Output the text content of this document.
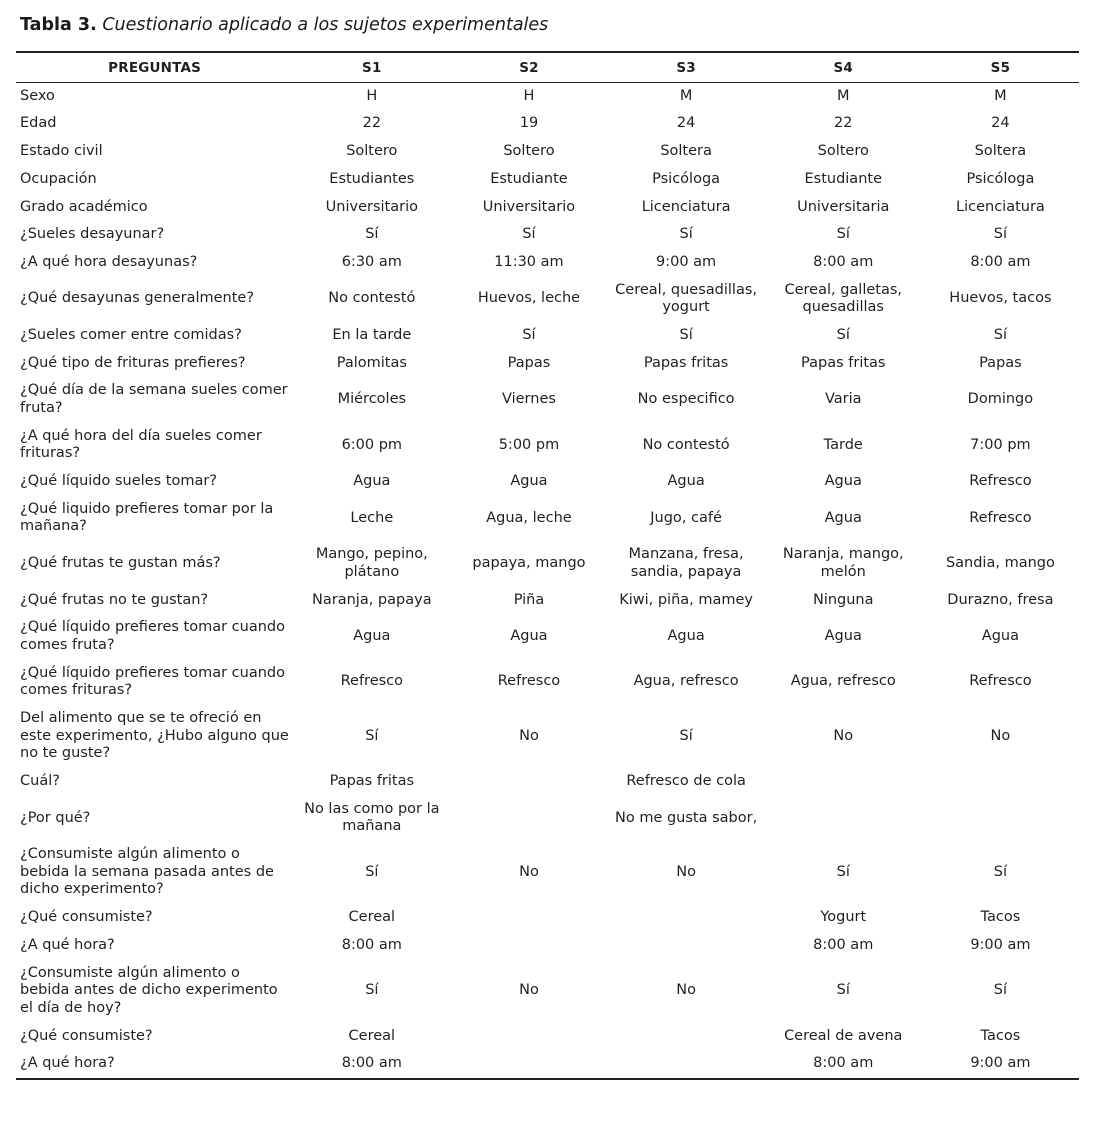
Tabla 3. Cuestionario aplicado a los sujetos experimentales
PREGUNTAS	S1	S2	S3	S4	S5
Sexo	H	H	M	M	M
Edad	22	19	24	22	24
Estado civil	Soltero	Soltero	Soltera	Soltero	Soltera
Ocupación	Estudiantes	Estudiante	Psicóloga	Estudiante	Psicóloga
Grado académico	Universitario	Universitario	Licenciatura	Universitaria	Licenciatura
¿Sueles desayunar?	Sí	Sí	Sí	Sí	Sí
¿A qué hora desayunas?	6:30 am	11:30 am	9:00 am	8:00 am	8:00 am
¿Qué desayunas generalmente?	No contestó	Huevos, leche	Cereal, quesadillas, yogurt	Cereal, galletas, quesadillas	Huevos, tacos
¿Sueles comer entre comidas?	En la tarde	Sí	Sí	Sí	Sí
¿Qué tipo de frituras prefieres?	Palomitas	Papas	Papas fritas	Papas fritas	Papas
¿Qué día de la semana sueles comer fruta?	Miércoles	Viernes	No especifico	Varia	Domingo
¿A qué hora del día sueles comer frituras?	6:00 pm	5:00 pm	No contestó	Tarde	7:00 pm
¿Qué líquido sueles tomar?	Agua	Agua	Agua	Agua	Refresco
¿Qué liquido prefieres tomar por la mañana?	Leche	Agua, leche	Jugo, café	Agua	Refresco
¿Qué frutas te gustan más?	Mango, pepino, plátano	papaya, mango	Manzana, fresa, sandia, papaya	Naranja, mango, melón	Sandia, mango
¿Qué frutas no te gustan?	Naranja, papaya	Piña	Kiwi, piña, mamey	Ninguna	Durazno, fresa
¿Qué líquido prefieres tomar cuando comes fruta?	Agua	Agua	Agua	Agua	Agua
¿Qué líquido prefieres tomar cuando comes frituras?	Refresco	Refresco	Agua, refresco	Agua, refresco	Refresco
Del alimento que se te ofreció en este experimento, ¿Hubo alguno que no te guste?	Sí	No	Sí	No	No
Cuál?	Papas fritas		Refresco de cola		
¿Por qué?	No las como por la mañana		No me gusta sabor,		
¿Consumiste algún alimento o bebida la semana pasada antes de dicho experimento?	Sí	No	No	Sí	Sí
¿Qué consumiste?	Cereal			Yogurt	Tacos
¿A qué hora?	8:00 am			8:00 am	9:00 am
¿Consumiste algún alimento o bebida antes de dicho experimento el día de hoy?	Sí	No	No	Sí	Sí
¿Qué consumiste?	Cereal			Cereal de avena	Tacos
¿A qué hora?	8:00 am			8:00 am	9:00 am
